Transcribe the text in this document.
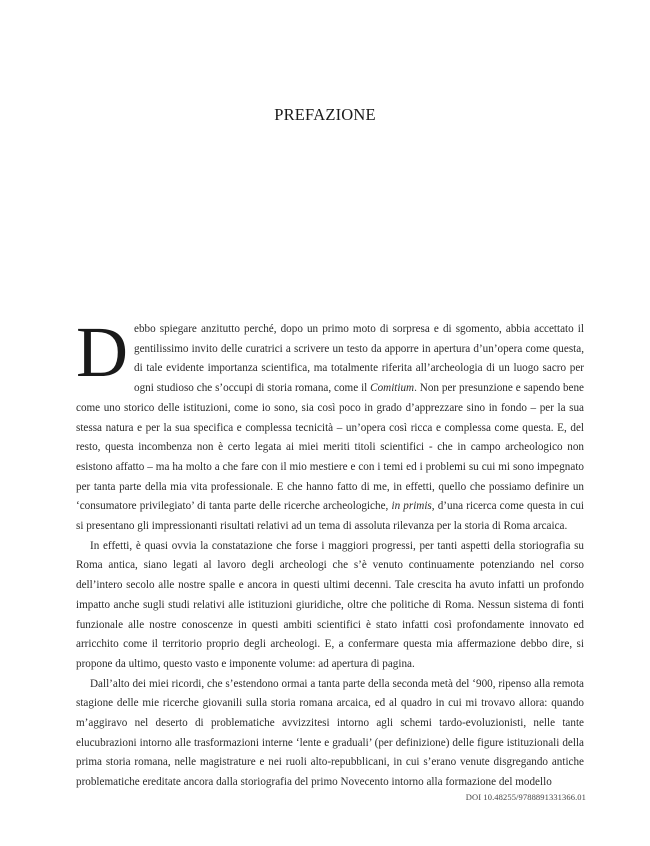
PREFAZIONE

Debbo spiegare anzitutto perché, dopo un primo moto di sorpresa e di sgomento, abbia accettato il gentilissimo invito delle curatrici a scrivere un testo da apporre in apertura d’un’opera come questa, di tale evidente importanza scientifica, ma totalmente riferita all’archeologia di un luogo sacro per ogni studioso che s’occupi di storia romana, come il Comitium. Non per presunzione e sapendo bene come uno storico delle istituzioni, come io sono, sia così poco in grado d’apprezzare sino in fondo – per la sua stessa natura e per la sua specifica e complessa tecnicità – un’opera così ricca e complessa come questa. E, del resto, questa incombenza non è certo legata ai miei meriti titoli scientifici - che in campo archeologico non esistono affatto – ma ha molto a che fare con il mio mestiere e con i temi ed i problemi su cui mi sono impegnato per tanta parte della mia vita professionale. E che hanno fatto di me, in effetti, quello che possiamo definire un ‘consumatore privilegiato’ di tanta parte delle ricerche archeologiche, in primis, d’una ricerca come questa in cui si presentano gli impressionanti risultati relativi ad un tema di assoluta rilevanza per la storia di Roma arcaica.

In effetti, è quasi ovvia la constatazione che forse i maggiori progressi, per tanti aspetti della storiografia su Roma antica, siano legati al lavoro degli archeologi che s’è venuto continuamente potenziando nel corso dell’intero secolo alle nostre spalle e ancora in questi ultimi decenni. Tale crescita ha avuto infatti un profondo impatto anche sugli studi relativi alle istituzioni giuridiche, oltre che politiche di Roma. Nessun sistema di fonti funzionale alle nostre conoscenze in questi ambiti scientifici è stato infatti così profondamente innovato ed arricchito come il territorio proprio degli archeologi. E, a confermare questa mia affermazione debbo dire, si propone da ultimo, questo vasto e imponente volume: ad apertura di pagina.

Dall’alto dei miei ricordi, che s’estendono ormai a tanta parte della seconda metà del ‘900, ripenso alla remota stagione delle mie ricerche giovanili sulla storia romana arcaica, ed al quadro in cui mi trovavo allora: quando m’aggiravo nel deserto di problematiche avvizzitesi intorno agli schemi tardo-evoluzionisti, nelle tante elucubrazioni intorno alle trasformazioni interne ‘lente e graduali’ (per definizione) delle figure istituzionali della prima storia romana, nelle magistrature e nei ruoli alto-repubblicani, in cui s’erano venute disgregando antiche problematiche ereditate ancora dalla storiografia del primo Novecento intorno alla formazione del modello

DOI 10.48255/9788891331366.01
